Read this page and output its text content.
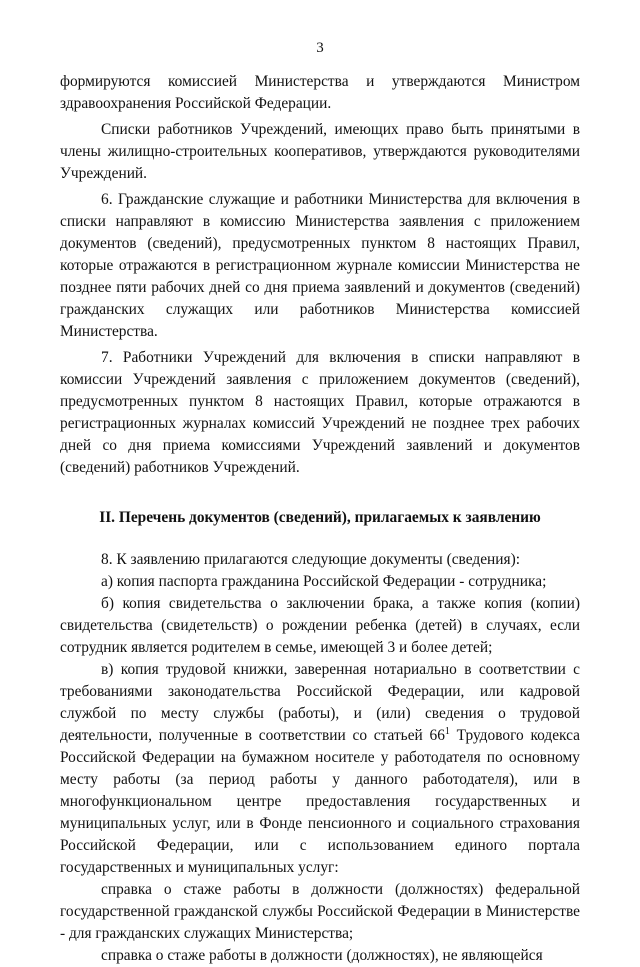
3

формируются комиссией Министерства и утверждаются Министром здравоохранения Российской Федерации.

Списки работников Учреждений, имеющих право быть принятыми в члены жилищно-строительных кооперативов, утверждаются руководителями Учреждений.

6. Гражданские служащие и работники Министерства для включения в списки направляют в комиссию Министерства заявления с приложением документов (сведений), предусмотренных пунктом 8 настоящих Правил, которые отражаются в регистрационном журнале комиссии Министерства не позднее пяти рабочих дней со дня приема заявлений и документов (сведений) гражданских служащих или работников Министерства комиссией Министерства.

7. Работники Учреждений для включения в списки направляют в комиссии Учреждений заявления с приложением документов (сведений), предусмотренных пунктом 8 настоящих Правил, которые отражаются в регистрационных журналах комиссий Учреждений не позднее трех рабочих дней со дня приема комиссиями Учреждений заявлений и документов (сведений) работников Учреждений.

II. Перечень документов (сведений), прилагаемых к заявлению

8. К заявлению прилагаются следующие документы (сведения):

а) копия паспорта гражданина Российской Федерации - сотрудника;

б) копия свидетельства о заключении брака, а также копия (копии) свидетельства (свидетельств) о рождении ребенка (детей) в случаях, если сотрудник является родителем в семье, имеющей 3 и более детей;

в) копия трудовой книжки, заверенная нотариально в соответствии с требованиями законодательства Российской Федерации, или кадровой службой по месту службы (работы), и (или) сведения о трудовой деятельности, полученные в соответствии со статьей $66^1$ Трудового кодекса Российской Федерации на бумажном носителе у работодателя по основному месту работы (за период работы у данного работодателя), или в многофункциональном центре предоставления государственных и муниципальных услуг, или в Фонде пенсионного и социального страхования Российской Федерации, или с использованием единого портала государственных и муниципальных услуг:

справка о стаже работы в должности (должностях) федеральной государственной гражданской службы Российской Федерации в Министерстве - для гражданских служащих Министерства;

справка о стаже работы в должности (должностях), не являющейся
